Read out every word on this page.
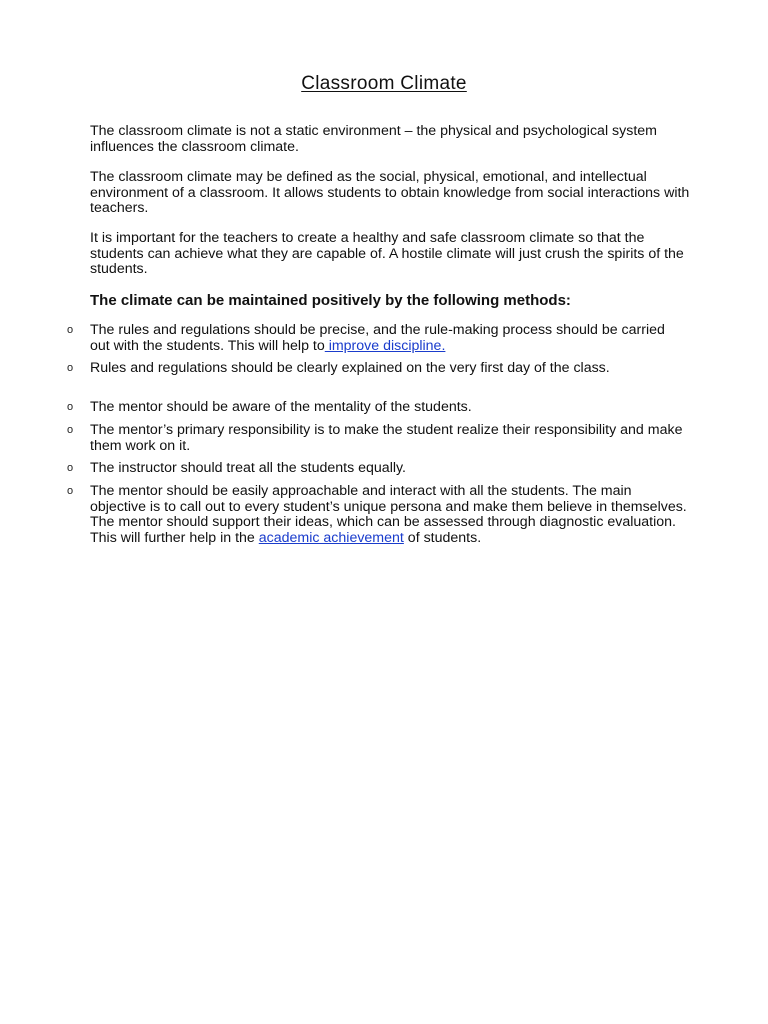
Classroom Climate

The classroom climate is not a static environment – the physical and psychological system influences the classroom climate.

The classroom climate may be defined as the social, physical, emotional, and intellectual environment of a classroom. It allows students to obtain knowledge from social interactions with teachers.

It is important for the teachers to create a healthy and safe classroom climate so that the students can achieve what they are capable of. A hostile climate will just crush the spirits of the students.

The climate can be maintained positively by the following methods:

o The rules and regulations should be precise, and the rule-making process should be carried out with the students. This will help to improve discipline.
o Rules and regulations should be clearly explained on the very first day of the class.
o The mentor should be aware of the mentality of the students.
o The mentor’s primary responsibility is to make the student realize their responsibility and make them work on it.
o The instructor should treat all the students equally.
o The mentor should be easily approachable and interact with all the students. The main objective is to call out to every student’s unique persona and make them believe in themselves. The mentor should support their ideas, which can be assessed through diagnostic evaluation. This will further help in the academic achievement of students.
